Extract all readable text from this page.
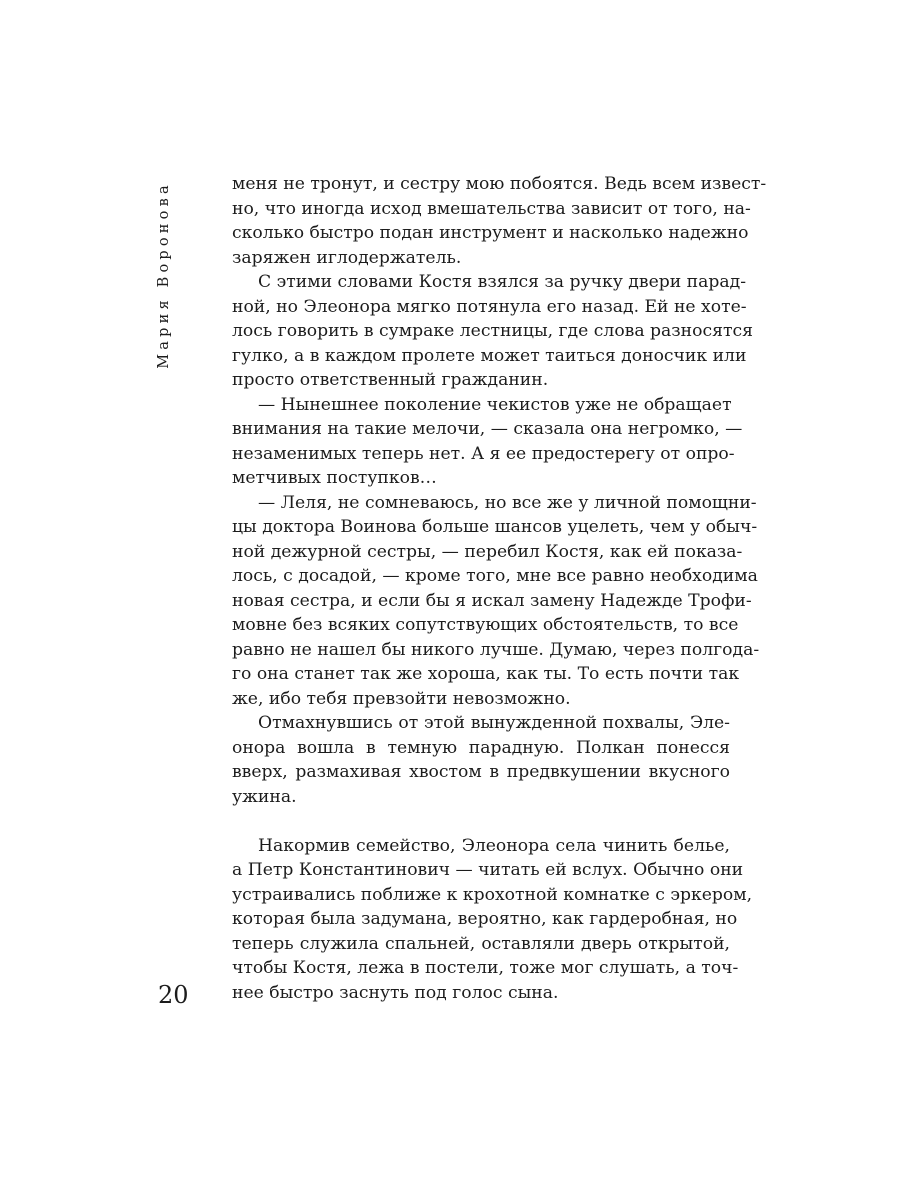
Мария Воронова
20

меня не тронут, и сестру мою побоятся. Ведь всем извест-
но, что иногда исход вмешательства зависит от того, на-
сколько быстро подан инструмент и насколько надежно
заряжен иглодержатель.

С этими словами Костя взялся за ручку двери парад-
ной, но Элеонора мягко потянула его назад. Ей не хоте-
лось говорить в сумраке лестницы, где слова разносятся
гулко, а в каждом пролете может таиться доносчик или
просто ответственный гражданин.

— Нынешнее поколение чекистов уже не обращает
внимания на такие мелочи, — сказала она негромко, —
незаменимых теперь нет. А я ее предостерегу от опро-
метчивых поступков…

— Леля, не сомневаюсь, но все же у личной помощни-
цы доктора Воинова больше шансов уцелеть, чем у обыч-
ной дежурной сестры, — перебил Костя, как ей показа-
лось, с досадой, — кроме того, мне все равно необходима
новая сестра, и если бы я искал замену Надежде Трофи-
мовне без всяких сопутствующих обстоятельств, то все
равно не нашел бы никого лучше. Думаю, через полгода-
го она станет так же хороша, как ты. То есть почти так
же, ибо тебя превзойти невозможно.

Отмахнувшись от этой вынужденной похвалы, Эле-
онора вошла в темную парадную. Полкан понесся
вверх, размахивая хвостом в предвкушении вкусного
ужина.

Накормив семейство, Элеонора села чинить белье,
а Петр Константинович — читать ей вслух. Обычно они
устраивались поближе к крохотной комнатке с эркером,
которая была задумана, вероятно, как гардеробная, но
теперь служила спальней, оставляли дверь открытой,
чтобы Костя, лежа в постели, тоже мог слушать, а точ-
нее быстро заснуть под голос сына.
